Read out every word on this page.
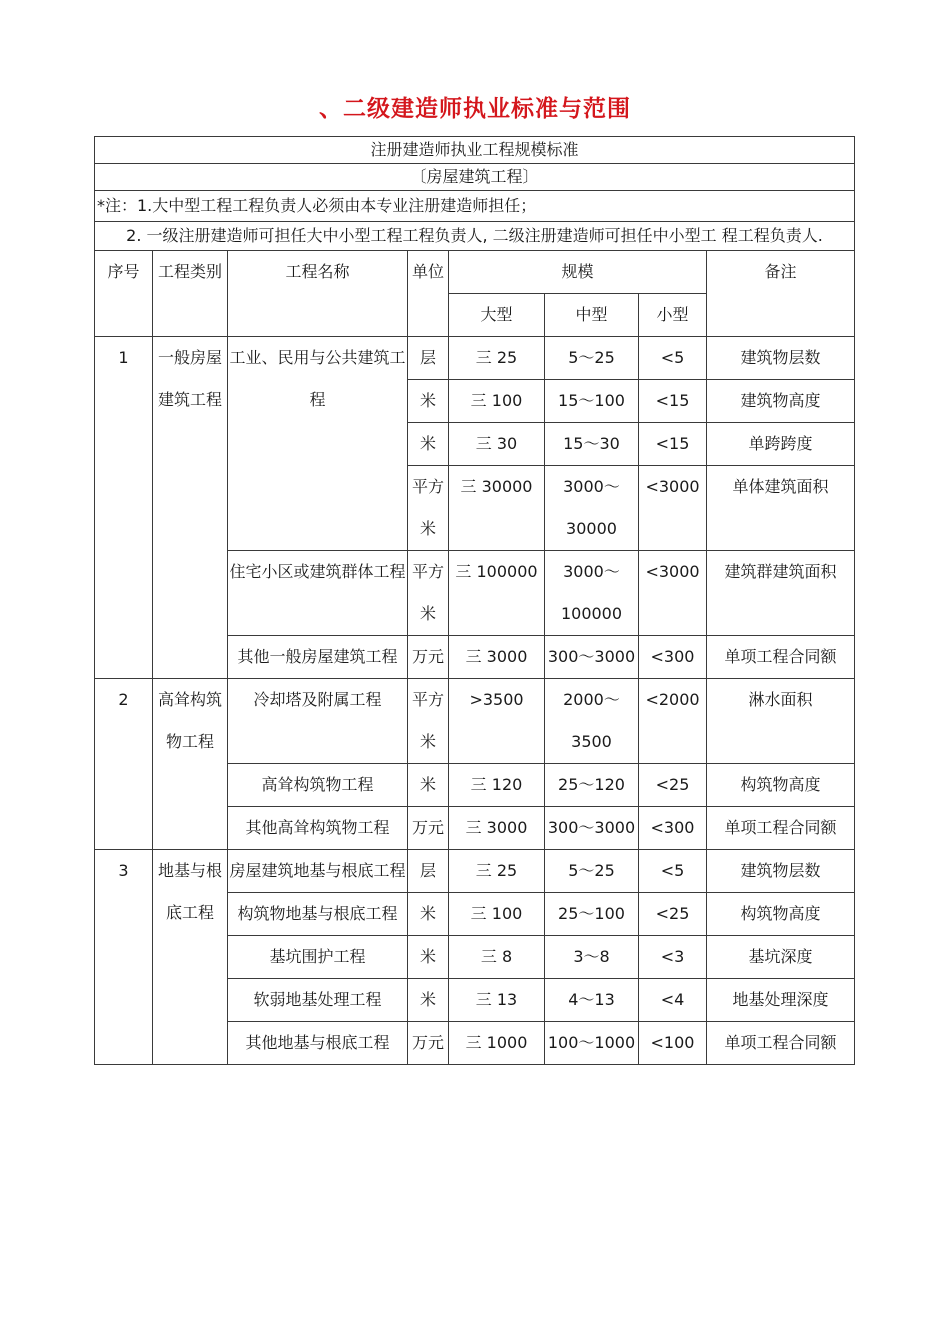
、二级建造师执业标准与范围
注册建造师执业工程规模标准							
〔房屋建筑工程〕							
*注：1.大中型工程工程负责人必须由本专业注册建造师担任；							
2. 一级注册建造师可担任大中小型工程工程负责人, 二级注册建造师可担任中小型工 程工程负责人.							
序号	工程类别	工程名称	单位	规模			备注
				大型	中型	小型	
1	一般房屋建筑工程	工业、民用与公共建筑工程	层	三 25	5〜25	<5	建筑物层数
			米	三 100	15〜100	<15	建筑物高度
			米	三 30	15〜30	<15	单跨跨度
			平方米	三 30000	3000〜30000	<3000	单体建筑面积
		住宅小区或建筑群体工程	平方米	三 100000	3000〜100000	<3000	建筑群建筑面积
		其他一般房屋建筑工程	万元	三 3000	300〜3000	<300	单项工程合同额
2	高耸构筑物工程	冷却塔及附属工程	平方米	>3500	2000〜3500	<2000	淋水面积
		高耸构筑物工程	米	三 120	25〜120	<25	构筑物高度
		其他高耸构筑物工程	万元	三 3000	300〜3000	<300	单项工程合同额
3	地基与根底工程	房屋建筑地基与根底工程	层	三 25	5〜25	<5	建筑物层数
		构筑物地基与根底工程	米	三 100	25〜100	<25	构筑物高度
		基坑围护工程	米	三 8	3〜8	<3	基坑深度
		软弱地基处理工程	米	三 13	4〜13	<4	地基处理深度
		其他地基与根底工程	万元	三 1000	100〜1000	<100	单项工程合同额
